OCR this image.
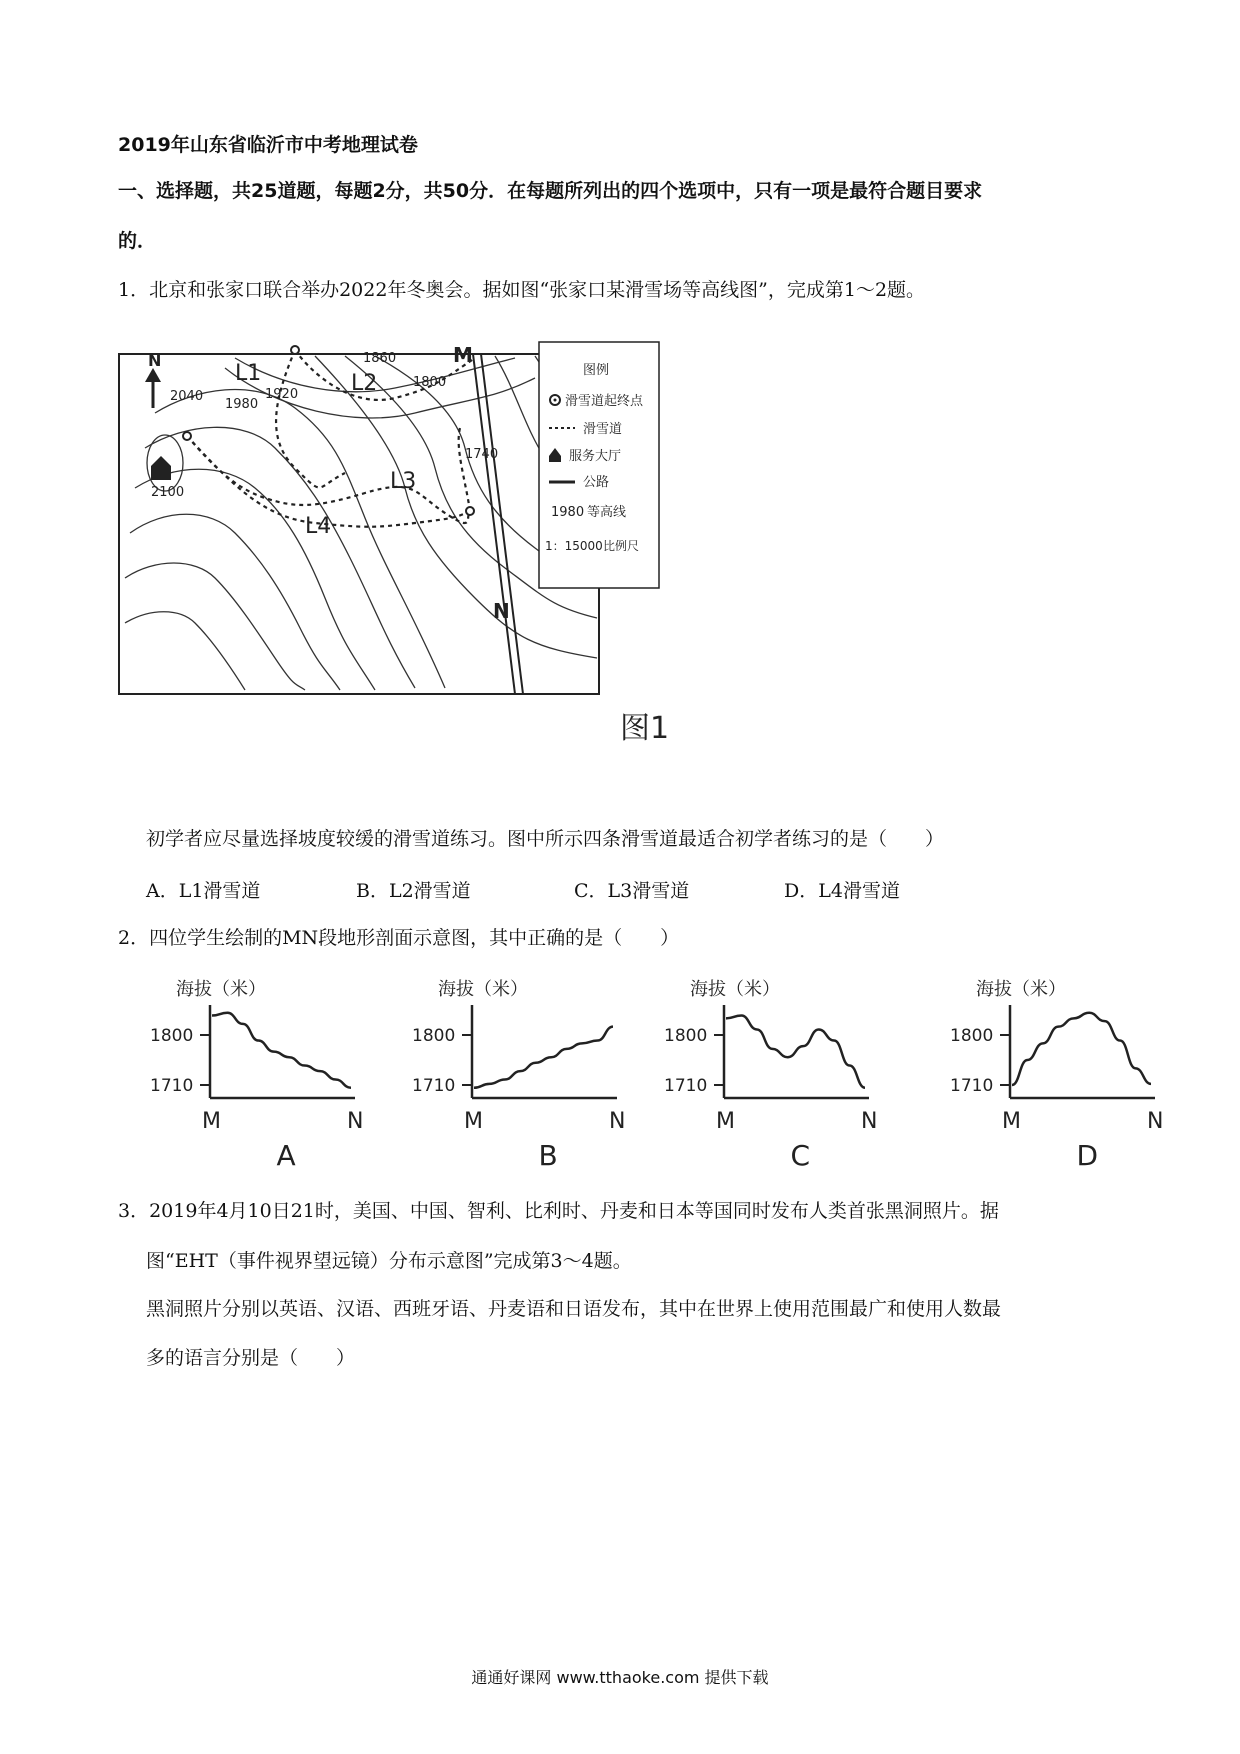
2019年山东省临沂市中考地理试卷
一、选择题，共25道题，每题2分，共50分．在每题所列出的四个选项中，只有一项是最符合题目要求
的．
1．北京和张家口联合举办2022年冬奥会。据如图“张家口某滑雪场等高线图”，完成第1～2题。
N
L1	L2
L3
L4
M
N
2040
2100
1980
1920
1860
1800
1740
图例
滑雪道起终点
滑雪道
服务大厅
公路
1980 等高线
1：15000 比例尺
图1
初学者应尽量选择坡度较缓的滑雪道练习。图中所示四条滑雪道最适合初学者练习的是（　　）
A．L1滑雪道	B．L2滑雪道	C．L3滑雪道	D．L4滑雪道
2．四位学生绘制的MN段地形剖面示意图，其中正确的是（　　）
海拔（米）
1800
1710
M	N
A
海拔（米）
1800
1710
M	N
B
海拔（米）
1800
1710
M	N
C
海拔（米）
1800
1710
M	N
D
3．2019年4月10日21时，美国、中国、智利、比利时、丹麦和日本等国同时发布人类首张黑洞照片。据
图“EHT（事件视界望远镜）分布示意图”完成第3～4题。
黑洞照片分别以英语、汉语、西班牙语、丹麦语和日语发布，其中在世界上使用范围最广和使用人数最
多的语言分别是（　　）
通通好课网 www.tthaoke.com 提供下载
